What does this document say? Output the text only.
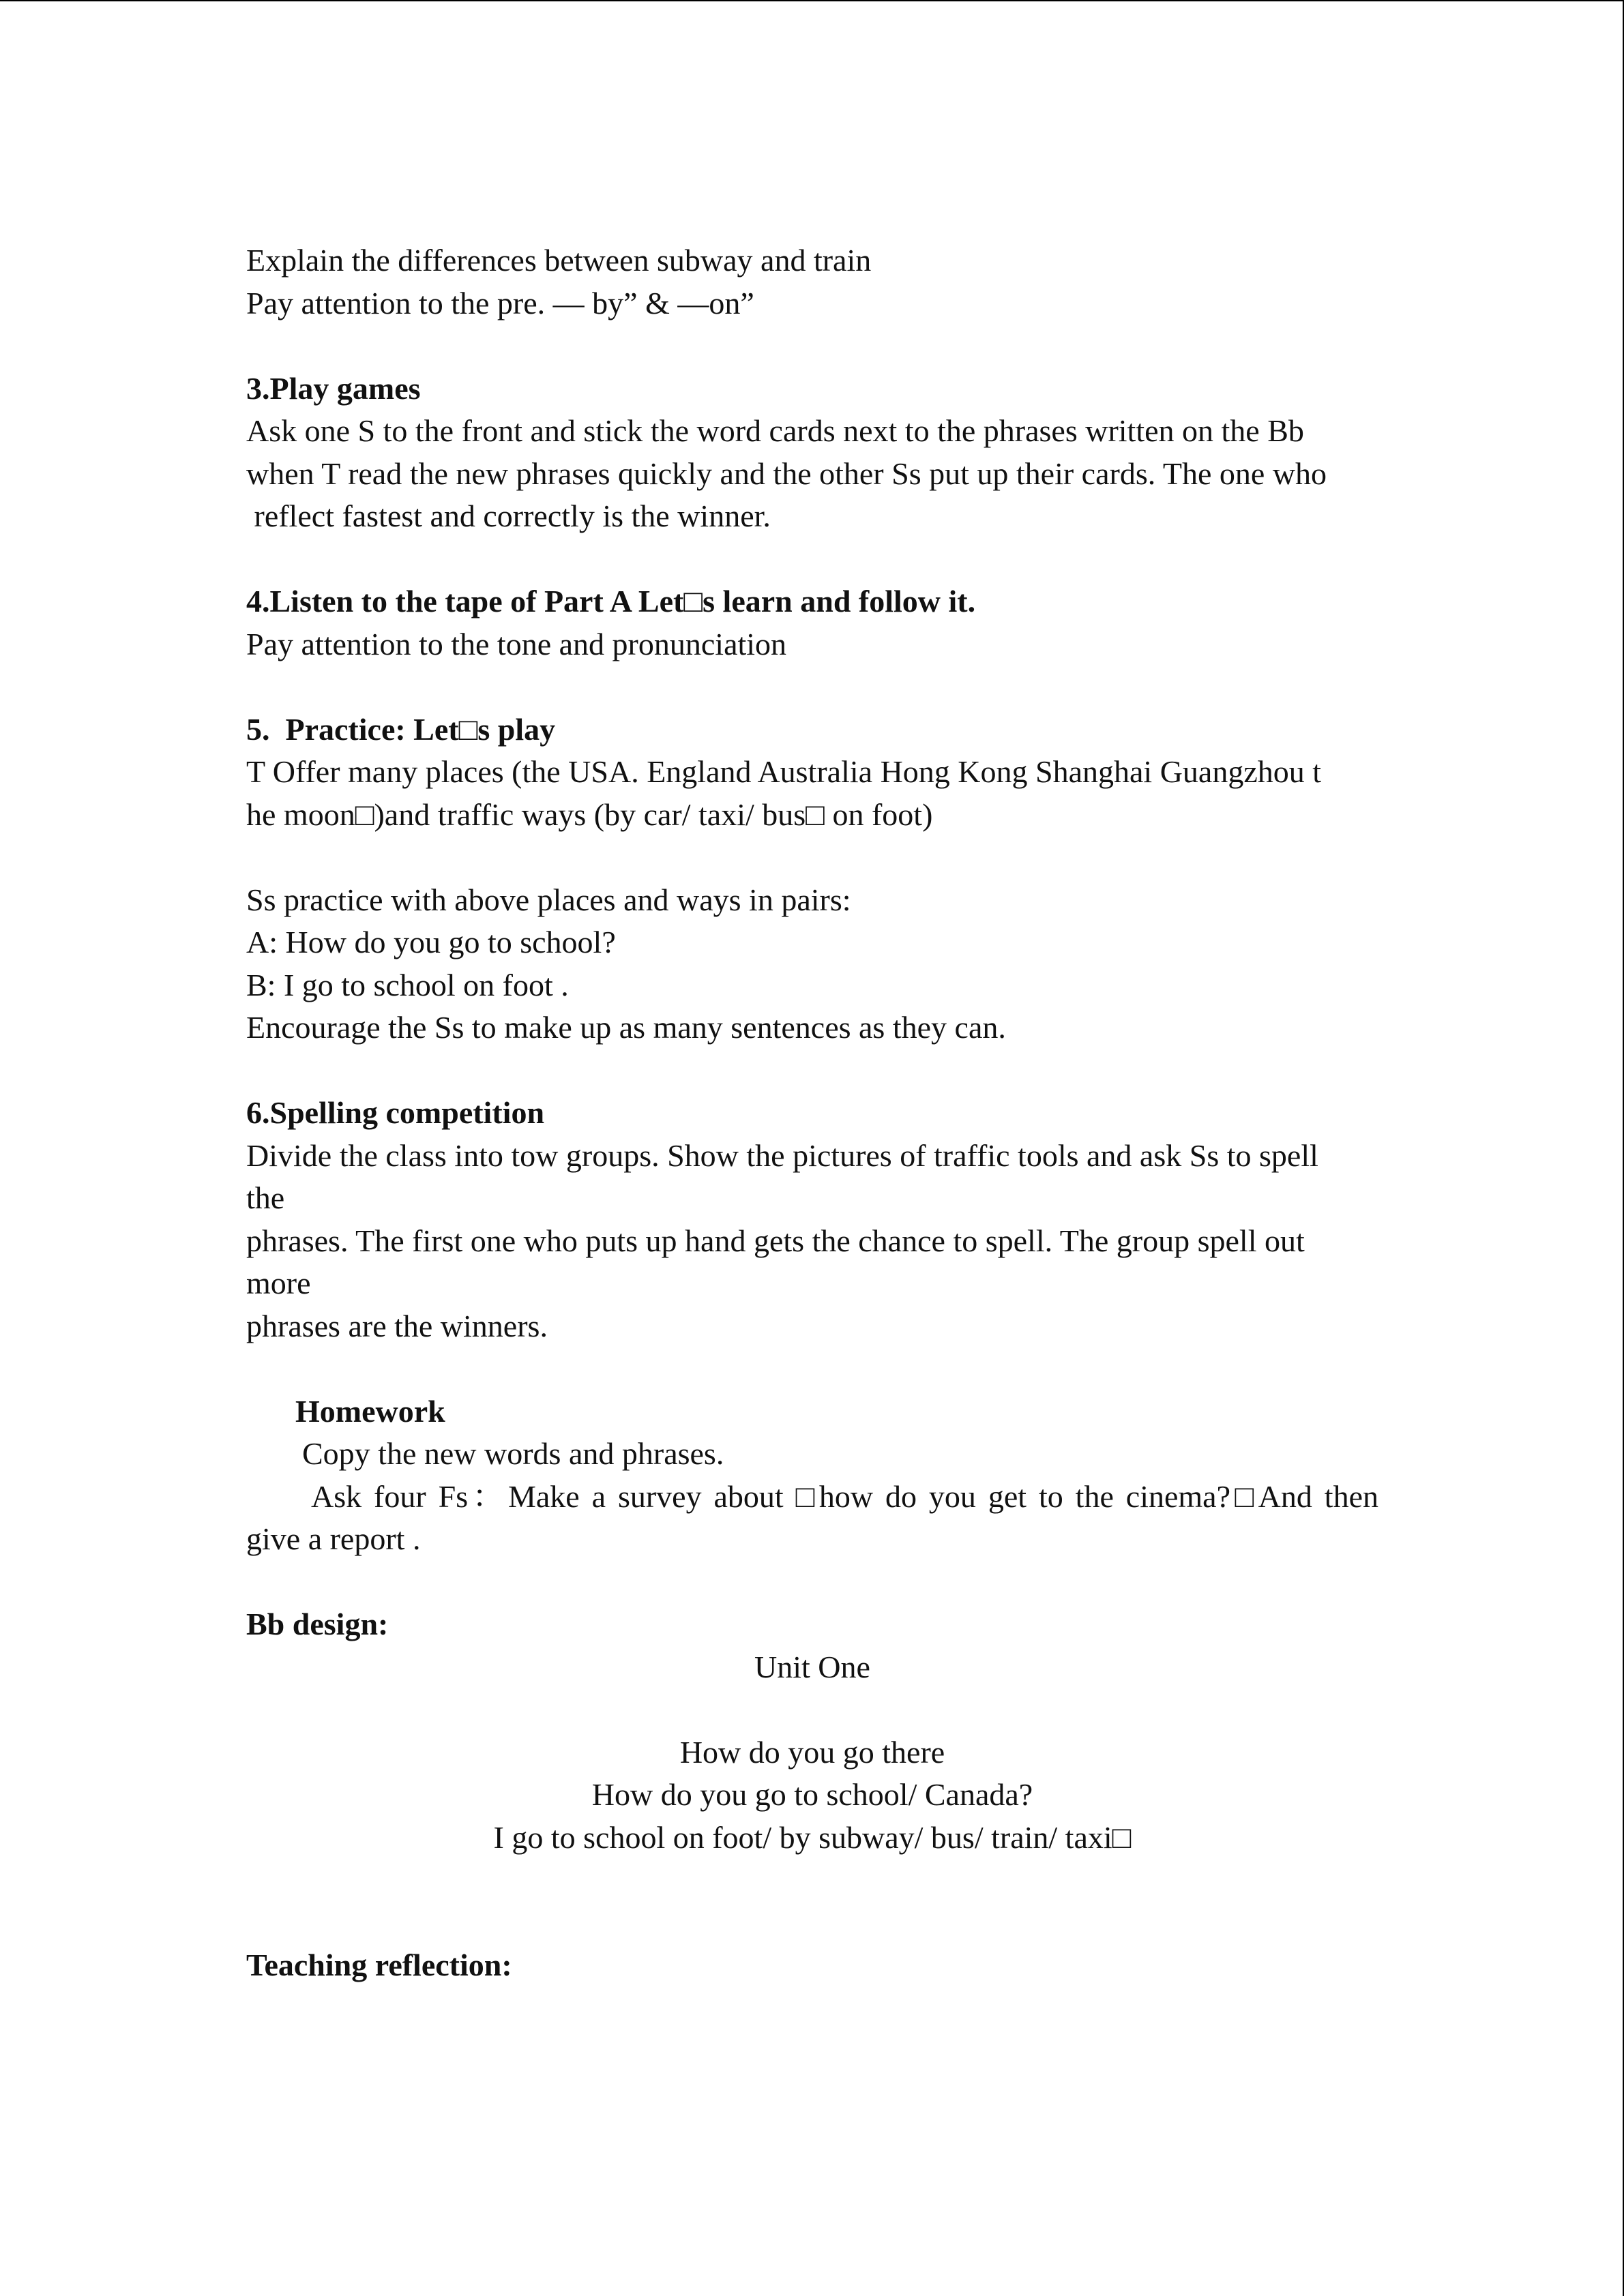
Explain the differences between subway and train
Pay attention to the pre. — by” & —on”
3.Play games
Ask one S to the front and stick the word cards next to the phrases written on the Bb
when T read the new phrases quickly and the other Ss put up their cards. The one who
reflect fastest and correctly is the winner.
4.Listen to the tape of Part A Let□s learn and follow it.
Pay attention to the tone and pronunciation
5.  Practice: Let□s play
T Offer many places (the USA. England Australia Hong Kong Shanghai Guangzhou t
he moon□)and traffic ways (by car/ taxi/ bus□ on foot)
Ss practice with above places and ways in pairs:
A: How do you go to school?
B: I go to school on foot .
Encourage the Ss to make up as many sentences as they can.
6.Spelling competition
Divide the class into tow groups. Show the pictures of traffic tools and ask Ss to spell
the
phrases. The first one who puts up hand gets the chance to spell. The group spell out
more
phrases are the winners.
Homework
Copy the new words and phrases.
Ask four Fs：Make a survey about □how do you get to the cinema?□And then
give a report .
Bb design:
Unit One
How do you go there
How do you go to school/ Canada?
I go to school on foot/ by subway/ bus/ train/ taxi□
Teaching reflection:
